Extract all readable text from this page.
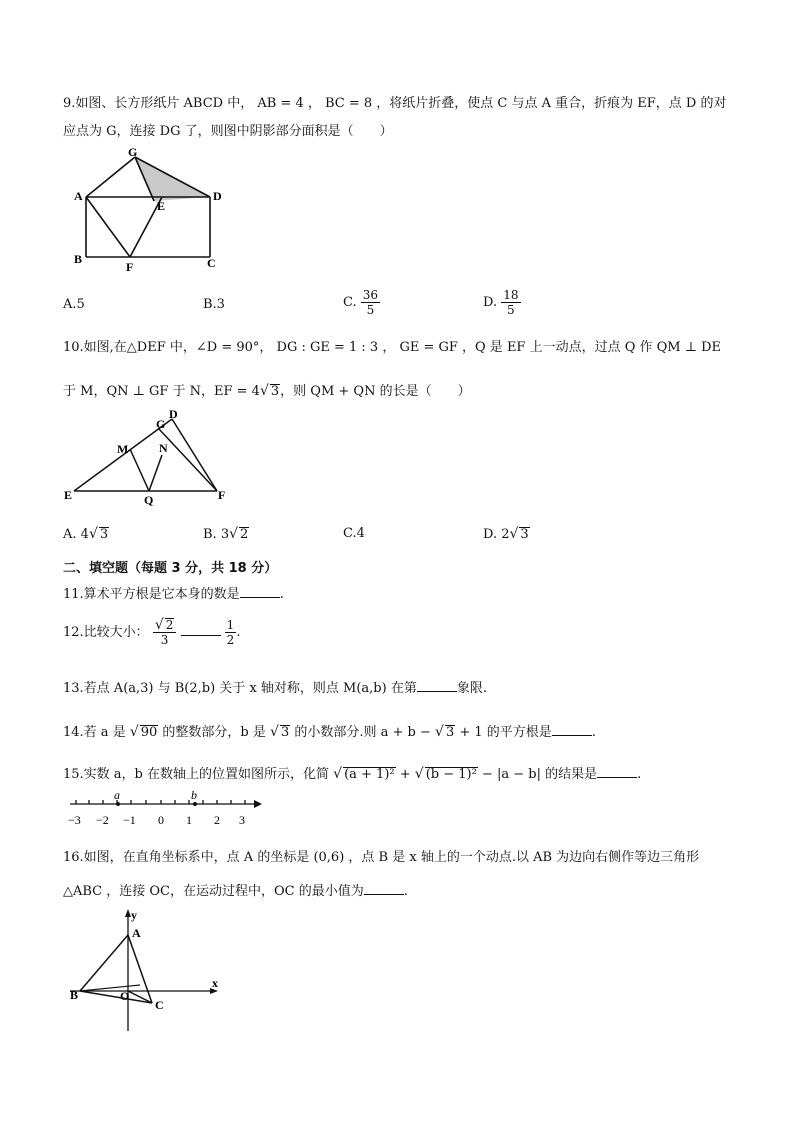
9.如图、长方形纸片 ABCD 中， AB = 4 ， BC = 8 ，将纸片折叠，使点 C 与点 A 重合，折痕为 EF，点 D 的对
应点为 G，连接 DG 了，则图中阴影部分面积是（　　）
G
A
E
D
B
F	C
A.5	B.3	C. $\frac{36}{5}$	D. $\frac{18}{5}$
10.如图,在△DEF 中，∠D = 90°， DG : GE = 1 : 3 ， GE = GF ，Q 是 EF 上一动点，过点 Q 作 QM ⊥ DE
于 M，QN ⊥ GF 于 N，EF = 4√ 3，则 QM + QN 的长是（　　）
D
G
M	N
E	Q	F
A. 4√ 3	B. 3√ 2	C.4	D. 2√ 3
二、填空题（每题 3 分，共 18 分）
11.算术平方根是它本身的数是	.
12.比较大小： $\frac{√ 2}{3}$
	$\frac{1}{2}$ .
13.若点 A(a,3) 与 B(2,b) 关于 x 轴对称，则点 M(a,b) 在第	象限.
14.若 a 是 √ 90 的整数部分，b 是 √ 3 的小数部分.则 a + b − √ 3 + 1 的平方根是	.
15.实数 a，b 在数轴上的位置如图所示，化简 √ (a + 1)² + √ (b − 1)² − |a − b| 的结果是	.
a	b
−3 −2 −1 0 1 2 3
16.如图，在直角坐标系中，点 A 的坐标是 (0,6) ，点 B 是 x 轴上的一个动点.以 AB 为边向右侧作等边三角形
△ABC ，连接 OC，在运动过程中，OC 的最小值为	.
y
A
B	O
C
x
